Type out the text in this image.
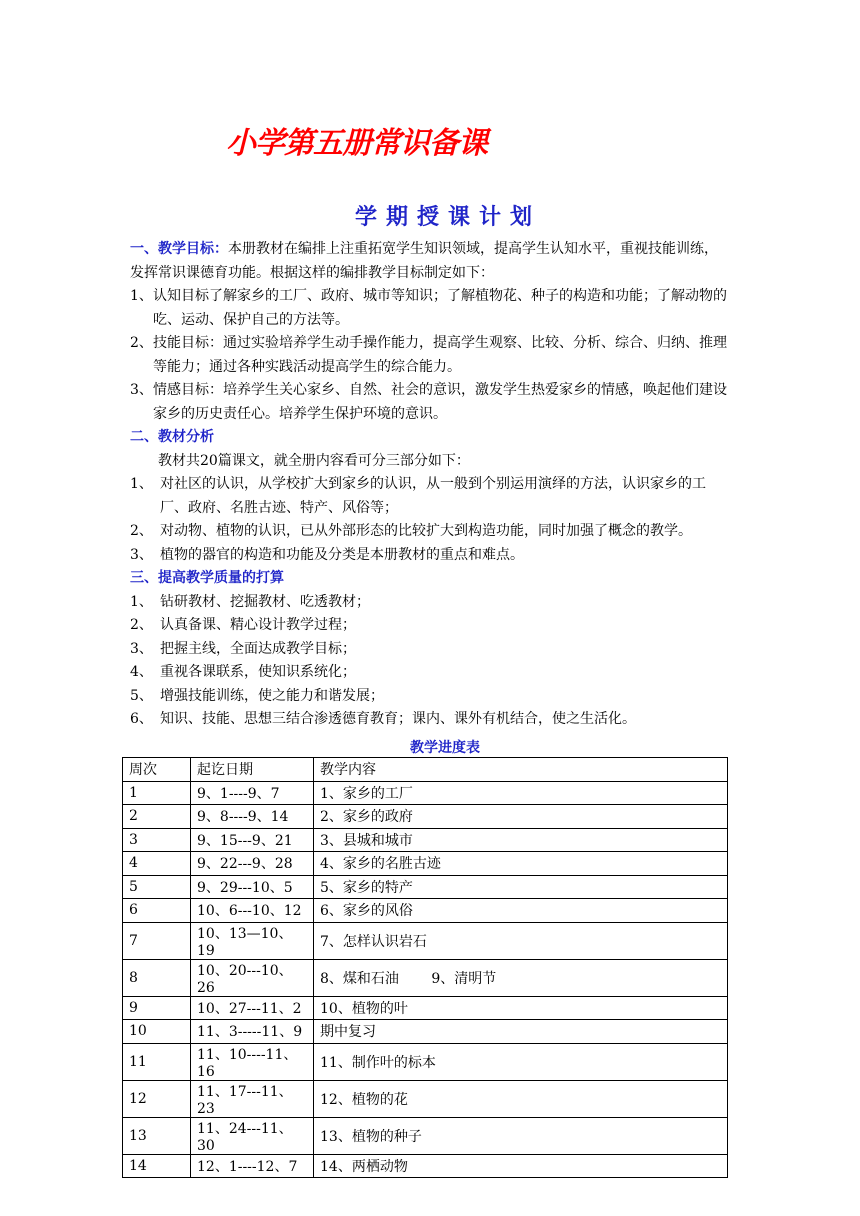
小学第五册常识备课
学期授课计划

一、教学目标：本册教材在编排上注重拓宽学生知识领域，提高学生认知水平，重视技能训练，发挥常识课德育功能。根据这样的编排教学目标制定如下：

1、认知目标了解家乡的工厂、政府、城市等知识；了解植物花、种子的构造和功能；了解动物的吃、运动、保护自己的方法等。

2、技能目标：通过实验培养学生动手操作能力，提高学生观察、比较、分析、综合、归纳、推理等能力；通过各种实践活动提高学生的综合能力。

3、情感目标：培养学生关心家乡、自然、社会的意识，激发学生热爱家乡的情感，唤起他们建设家乡的历史责任心。培养学生保护环境的意识。

二、教材分析

教材共20篇课文，就全册内容看可分三部分如下：

1、 对社区的认识，从学校扩大到家乡的认识，从一般到个别运用演绎的方法，认识家乡的工厂、政府、名胜古迹、特产、风俗等；

2、 对动物、植物的认识，已从外部形态的比较扩大到构造功能，同时加强了概念的教学。

3、 植物的器官的构造和功能及分类是本册教材的重点和难点。

三、提高教学质量的打算

1、 钻研教材、挖掘教材、吃透教材；

2、 认真备课、精心设计教学过程；

3、 把握主线，全面达成教学目标；

4、 重视各课联系，使知识系统化；

5、 增强技能训练，使之能力和谐发展；

6、 知识、技能、思想三结合渗透德育教育；课内、课外有机结合，使之生活化。

教学进度表
周次	起讫日期	教学内容
1	9、1----9、7	1、家乡的工厂
2	9、8----9、14	2、家乡的政府
3	9、15---9、21	3、县城和城市
4	9、22---9、28	4、家乡的名胜古迹
5	9、29---10、5	5、家乡的特产
6	10、6---10、12	6、家乡的风俗
7	10、13—10、19	7、怎样认识岩石
8	10、20---10、26	8、煤和石油　　 9、清明节
9	10、27---11、2	10、植物的叶
10	11、3-----11、9	期中复习
11	11、10----11、16	11、制作叶的标本
12	11、17---11、23	12、植物的花
13	11、24---11、30	13、植物的种子
14	12、1----12、7	14、两栖动物
